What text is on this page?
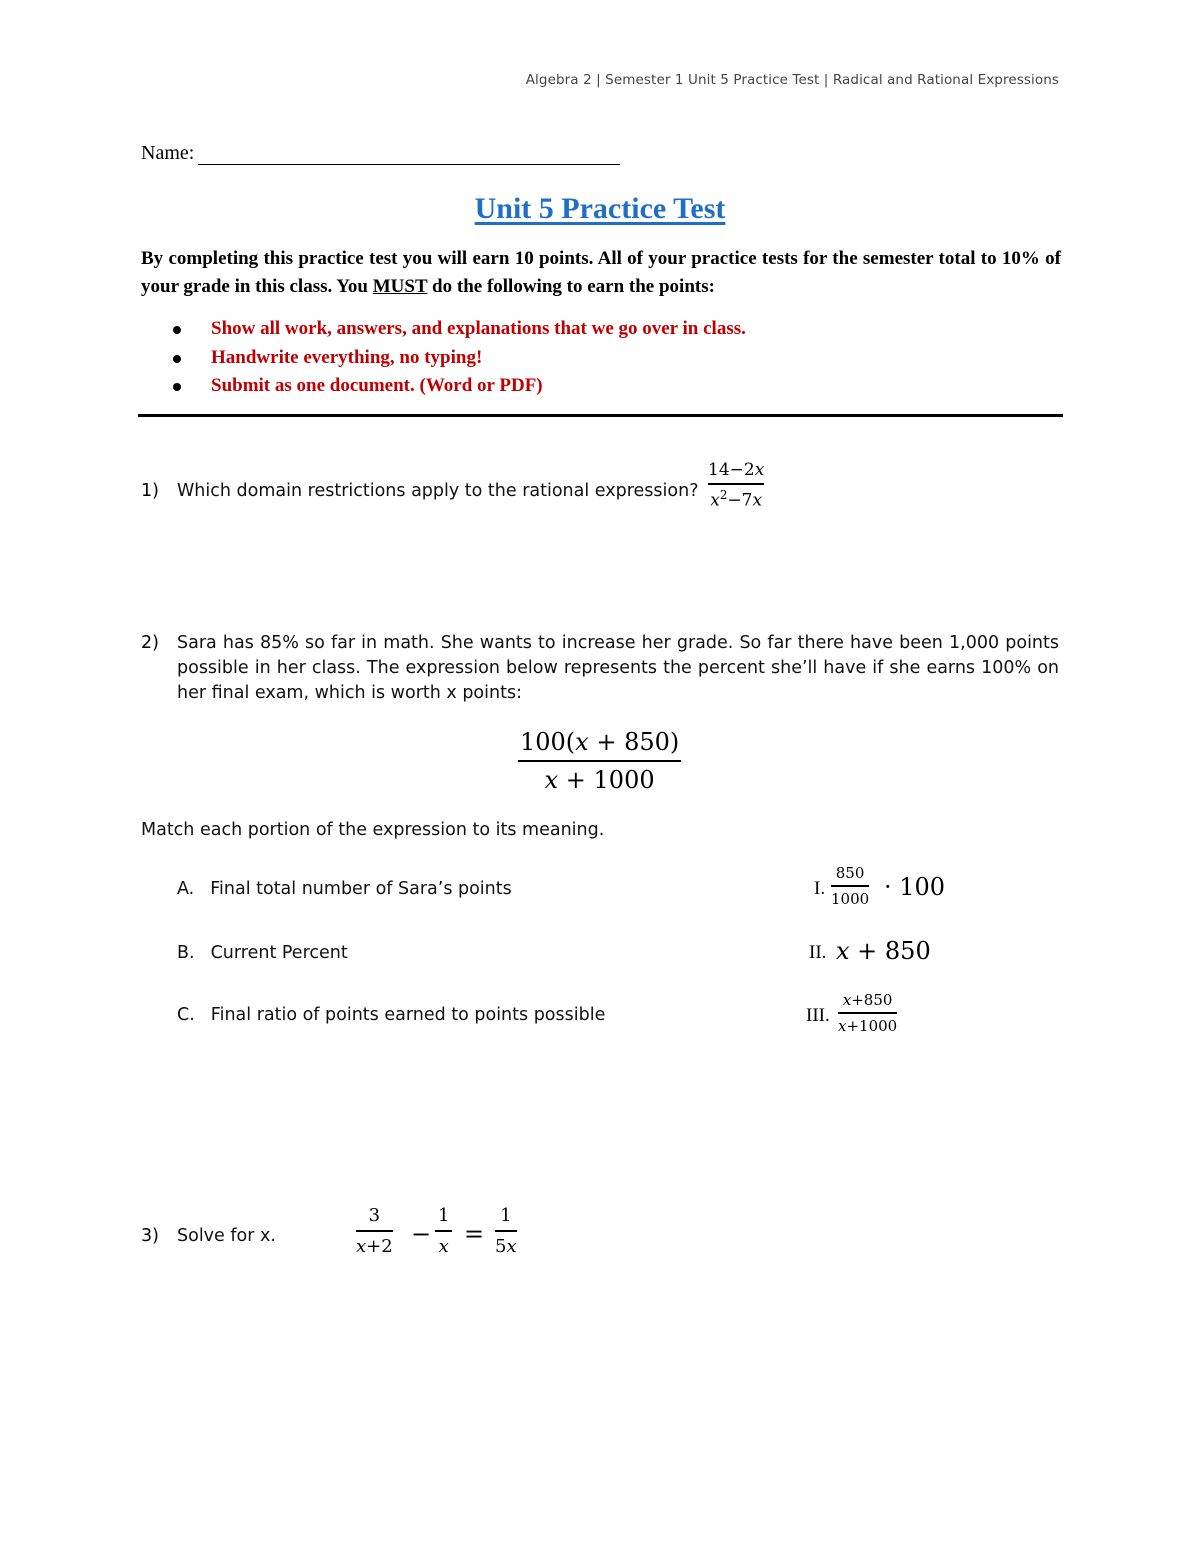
Algebra 2 | Semester 1 Unit 5 Practice Test | Radical and Rational Expressions
Name:
Unit 5 Practice Test
By completing this practice test you will earn 10 points. All of your practice tests for the semester total to 10% of your grade in this class. You MUST do the following to earn the points:
Show all work, answers, and explanations that we go over in class.
Handwrite everything, no typing!
Submit as one document. (Word or PDF)
1) Which domain restrictions apply to the rational expression?
14−2x
$x^2-7x$
2) Sara has 85% so far in math. She wants to increase her grade. So far there have been 1,000 points possible in her class. The expression below represents the percent she’ll have if she earns 100% on her final exam, which is worth x points:
100(x + 850)
x + 1000
Match each portion of the expression to its meaning.
A. Final total number of Sara’s points
B. Current Percent
C. Final ratio of points earned to points possible
I.
850
1000 · 100
II. x + 850
III.
x+850
x+1000
3) Solve for x.
3
x+2 −
1
x =
1
5x
